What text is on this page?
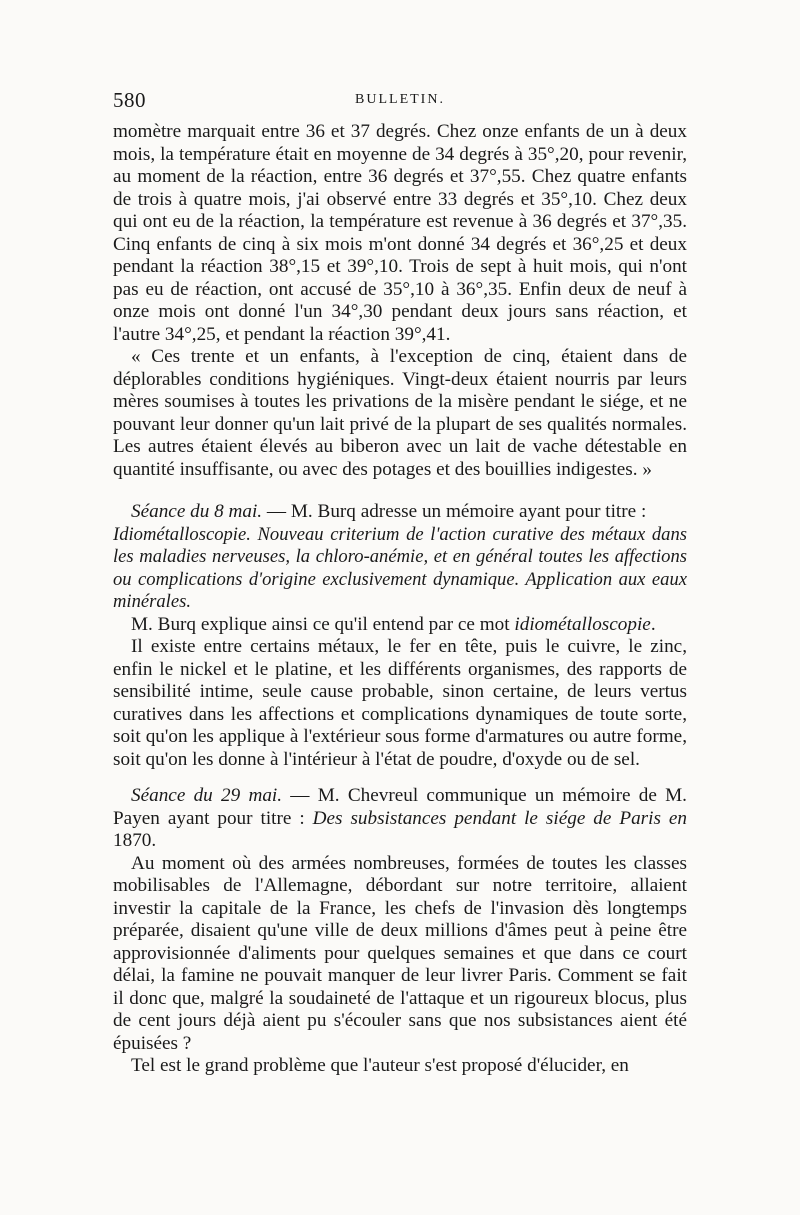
580	BULLETIN.

momètre marquait entre 36 et 37 degrés. Chez onze enfants de un à deux mois, la température était en moyenne de 34 degrés à 35°,20, pour revenir, au moment de la réaction, entre 36 degrés et 37°,55. Chez quatre enfants de trois à quatre mois, j'ai observé entre 33 degrés et 35°,10. Chez deux qui ont eu de la réaction, la température est revenue à 36 degrés et 37°,35. Cinq enfants de cinq à six mois m'ont donné 34 degrés et 36°,25 et deux pendant la réaction 38°,15 et 39°,10. Trois de sept à huit mois, qui n'ont pas eu de réaction, ont accusé de 35°,10 à 36°,35. Enfin deux de neuf à onze mois ont donné l'un 34°,30 pendant deux jours sans réaction, et l'autre 34°,25, et pendant la réaction 39°,41.

« Ces trente et un enfants, à l'exception de cinq, étaient dans de déplorables conditions hygiéniques. Vingt-deux étaient nourris par leurs mères soumises à toutes les privations de la misère pendant le siége, et ne pouvant leur donner qu'un lait privé de la plupart de ses qualités normales. Les autres étaient élevés au biberon avec un lait de vache détestable en quantité insuffisante, ou avec des potages et des bouillies indigestes. »

Séance du 8 mai. — M. Burq adresse un mémoire ayant pour titre :

Idiométalloscopie. Nouveau criterium de l'action curative des métaux dans les maladies nerveuses, la chloro-anémie, et en général toutes les affections ou complications d'origine exclusivement dynamique. Application aux eaux minérales.

M. Burq explique ainsi ce qu'il entend par ce mot idiométalloscopie.

Il existe entre certains métaux, le fer en tête, puis le cuivre, le zinc, enfin le nickel et le platine, et les différents organismes, des rapports de sensibilité intime, seule cause probable, sinon certaine, de leurs vertus curatives dans les affections et complications dynamiques de toute sorte, soit qu'on les applique à l'extérieur sous forme d'armatures ou autre forme, soit qu'on les donne à l'intérieur à l'état de poudre, d'oxyde ou de sel.

Séance du 29 mai. — M. Chevreul communique un mémoire de M. Payen ayant pour titre : Des subsistances pendant le siége de Paris en 1870.

Au moment où des armées nombreuses, formées de toutes les classes mobilisables de l'Allemagne, débordant sur notre territoire, allaient investir la capitale de la France, les chefs de l'invasion dès longtemps préparée, disaient qu'une ville de deux millions d'âmes peut à peine être approvisionnée d'aliments pour quelques semaines et que dans ce court délai, la famine ne pouvait manquer de leur livrer Paris. Comment se fait il donc que, malgré la soudaineté de l'attaque et un rigoureux blocus, plus de cent jours déjà aient pu s'écouler sans que nos subsistances aient été épuisées ?

Tel est le grand problème que l'auteur s'est proposé d'élucider, en
